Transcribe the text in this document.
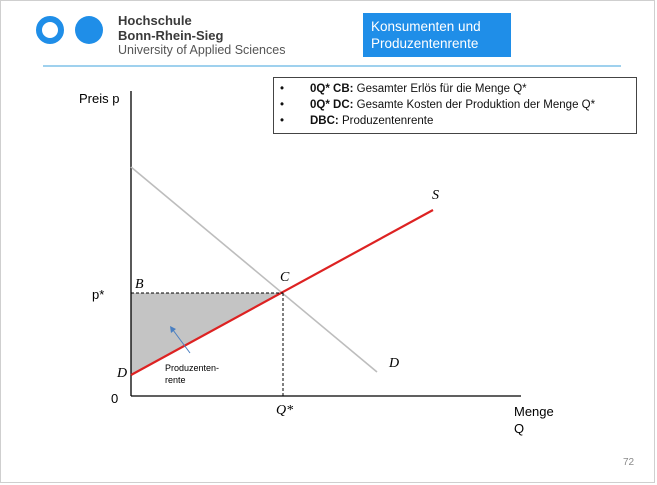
Hochschule
Bonn-Rhein-Sieg
University of Applied Sciences
Konsumenten und
Produzentenrente
• 0Q* CB: Gesamter Erlös für die Menge Q*
• 0Q* DC: Gesamte Kosten der Produktion der Menge Q*
• DBC: Produzentenrente
Preis p
p*
0
B	C
D
S
D
Q*
Produzenten-
rente
Menge
Q
72
